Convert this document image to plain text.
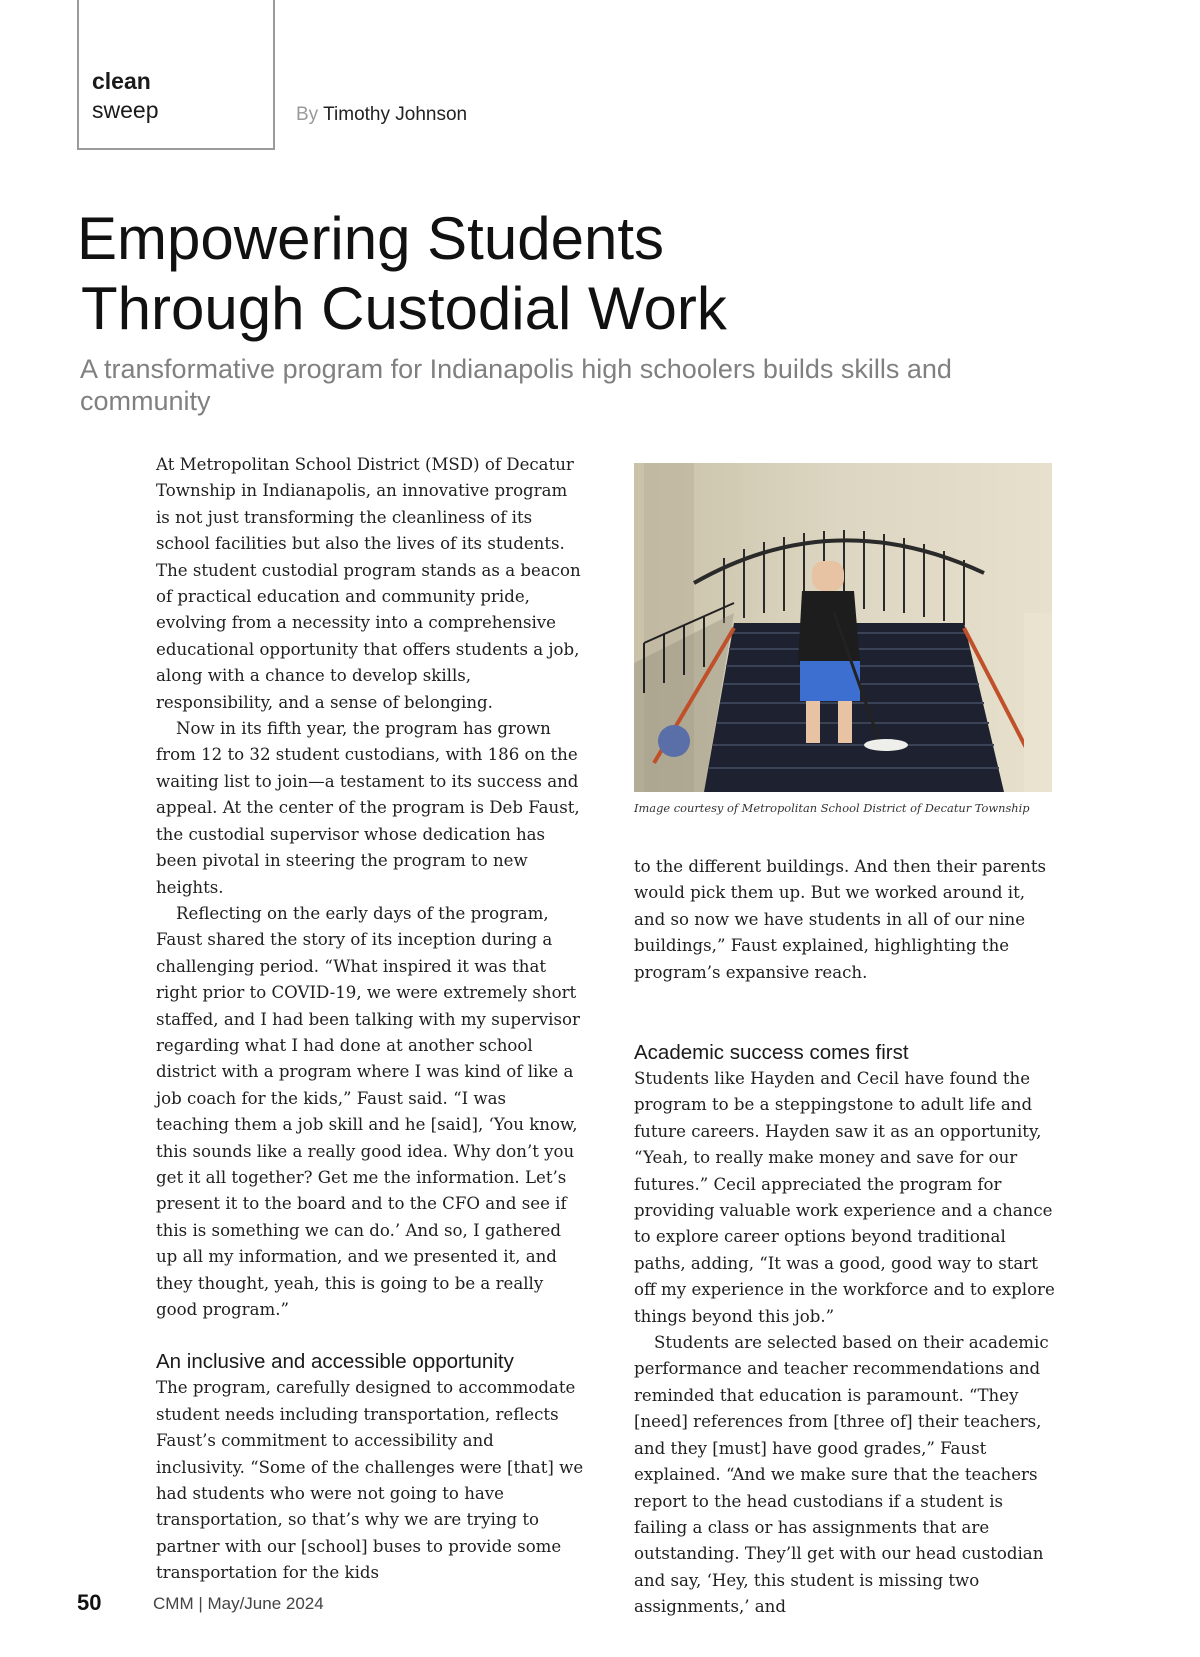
clean
sweep	By Timothy Johnson
Empowering Students
Through Custodial Work
A transformative program for Indianapolis high schoolers builds skills and community

At Metropolitan School District (MSD) of Decatur Township in Indianapolis, an innovative program is not just transforming the cleanliness of its school facilities but also the lives of its students. The student custodial program stands as a beacon of practical education and community pride, evolving from a necessity into a comprehensive educational opportunity that offers students a job, along with a chance to develop skills, responsibility, and a sense of belonging.

Now in its fifth year, the program has grown from 12 to 32 student custodians, with 186 on the waiting list to join—a testament to its success and appeal. At the center of the program is Deb Faust, the custodial supervisor whose dedication has been pivotal in steering the program to new heights.

Reflecting on the early days of the program, Faust shared the story of its inception during a challenging period. “What inspired it was that right prior to COVID-19, we were extremely short staffed, and I had been talking with my supervisor regarding what I had done at another school district with a program where I was kind of like a job coach for the kids,” Faust said. “I was teaching them a job skill and he [said], ‘You know, this sounds like a really good idea. Why don’t you get it all together? Get me the information. Let’s present it to the board and to the CFO and see if this is something we can do.’ And so, I gathered up all my information, and we presented it, and they thought, yeah, this is going to be a really good program.”

An inclusive and accessible opportunity

The program, carefully designed to accommodate student needs including transportation, reflects Faust’s commitment to accessibility and inclusivity. “Some of the challenges were [that] we had students who were not going to have transportation, so that’s why we are trying to partner with our [school] buses to provide some transportation for the kids

Image courtesy of Metropolitan School District of Decatur Township

to the different buildings. And then their parents would pick them up. But we worked around it, and so now we have students in all of our nine buildings,” Faust explained, highlighting the program’s expansive reach.

Academic success comes first

Students like Hayden and Cecil have found the program to be a steppingstone to adult life and future careers. Hayden saw it as an opportunity, “Yeah, to really make money and save for our futures.” Cecil appreciated the program for providing valuable work experience and a chance to explore career options beyond traditional paths, adding, “It was a good, good way to start off my experience in the workforce and to explore things beyond this job.”

Students are selected based on their academic performance and teacher recommendations and reminded that education is paramount. “They [need] references from [three of] their teachers, and they [must] have good grades,” Faust explained. “And we make sure that the teachers report to the head custodians if a student is failing a class or has assignments that are outstanding. They’ll get with our head custodian and say, ‘Hey, this student is missing two assignments,’ and

50	CMM | May/June 2024
